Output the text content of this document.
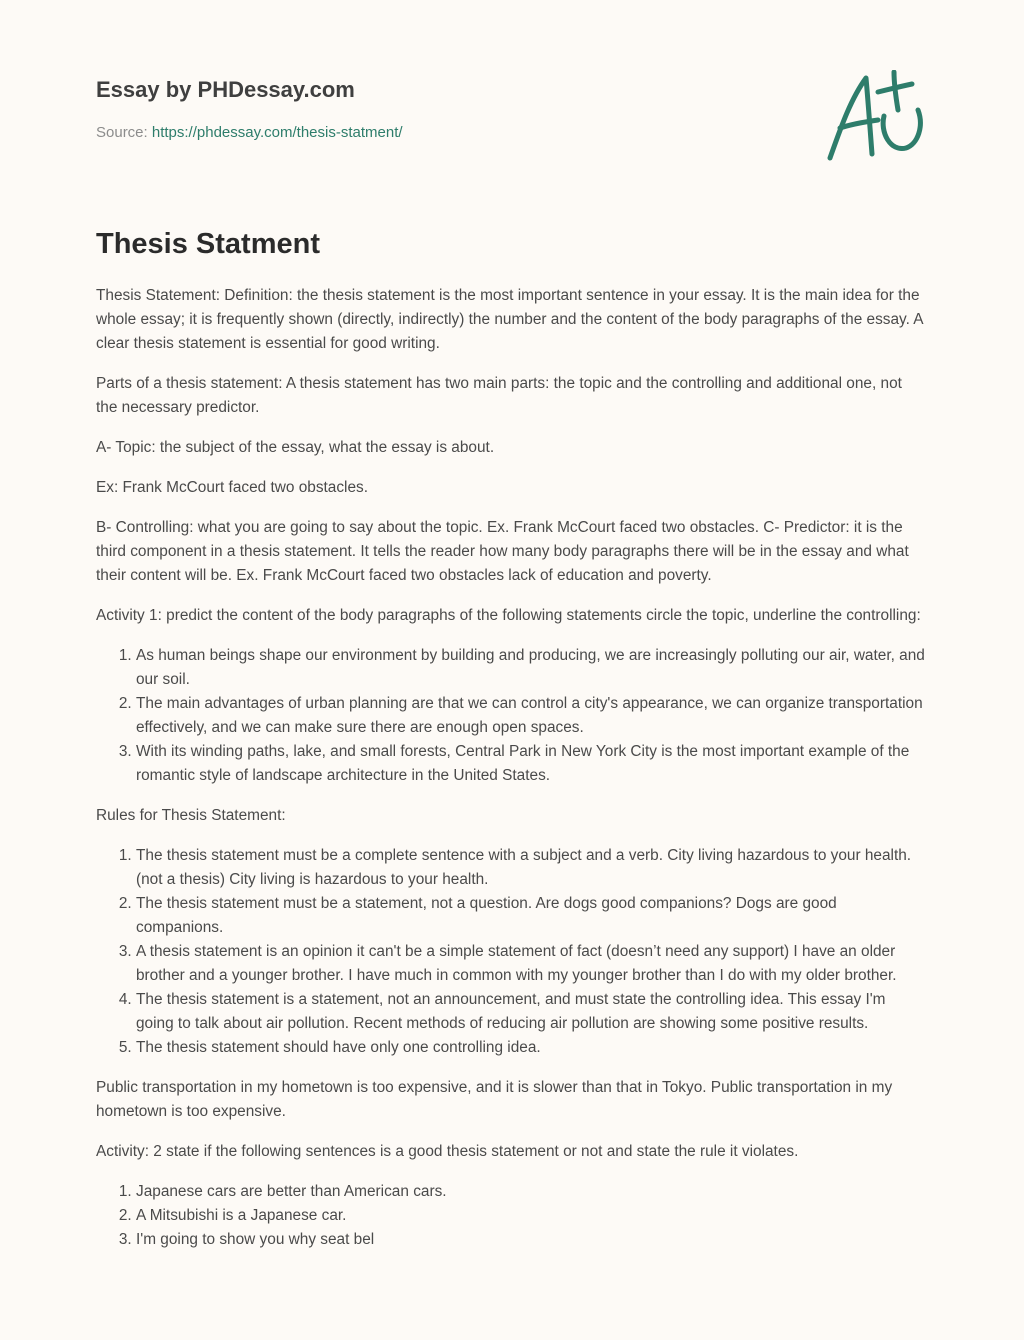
Essay by PHDessay.com
Source: https://phdessay.com/thesis-statment/
Thesis Statment

Thesis Statement: Definition: the thesis statement is the most important sentence in your essay. It is the main idea for the whole essay; it is frequently shown (directly, indirectly) the number and the content of the body paragraphs of the essay. A clear thesis statement is essential for good writing.

Parts of a thesis statement: A thesis statement has two main parts: the topic and the controlling and additional one, not the necessary predictor.

A- Topic: the subject of the essay, what the essay is about.

Ex: Frank McCourt faced two obstacles.

B- Controlling: what you are going to say about the topic. Ex. Frank McCourt faced two obstacles. C- Predictor: it is the third component in a thesis statement. It tells the reader how many body paragraphs there will be in the essay and what their content will be. Ex. Frank McCourt faced two obstacles lack of education and poverty.

Activity 1: predict the content of the body paragraphs of the following statements circle the topic, underline the controlling:

1. As human beings shape our environment by building and producing, we are increasingly polluting our air, water, and our soil.
2. The main advantages of urban planning are that we can control a city's appearance, we can organize transportation effectively, and we can make sure there are enough open spaces.
3. With its winding paths, lake, and small forests, Central Park in New York City is the most important example of the romantic style of landscape architecture in the United States.

Rules for Thesis Statement:

1. The thesis statement must be a complete sentence with a subject and a verb. City living hazardous to your health. (not a thesis) City living is hazardous to your health.
2. The thesis statement must be a statement, not a question. Are dogs good companions? Dogs are good companions.
3. A thesis statement is an opinion it can't be a simple statement of fact (doesn’t need any support) I have an older brother and a younger brother. I have much in common with my younger brother than I do with my older brother.
4. The thesis statement is a statement, not an announcement, and must state the controlling idea. This essay I'm going to talk about air pollution. Recent methods of reducing air pollution are showing some positive results.
5. The thesis statement should have only one controlling idea.

Public transportation in my hometown is too expensive, and it is slower than that in Tokyo. Public transportation in my hometown is too expensive.

Activity: 2 state if the following sentences is a good thesis statement or not and state the rule it violates.

1. Japanese cars are better than American cars.
2. A Mitsubishi is a Japanese car.
3. I'm going to show you why seat bel
